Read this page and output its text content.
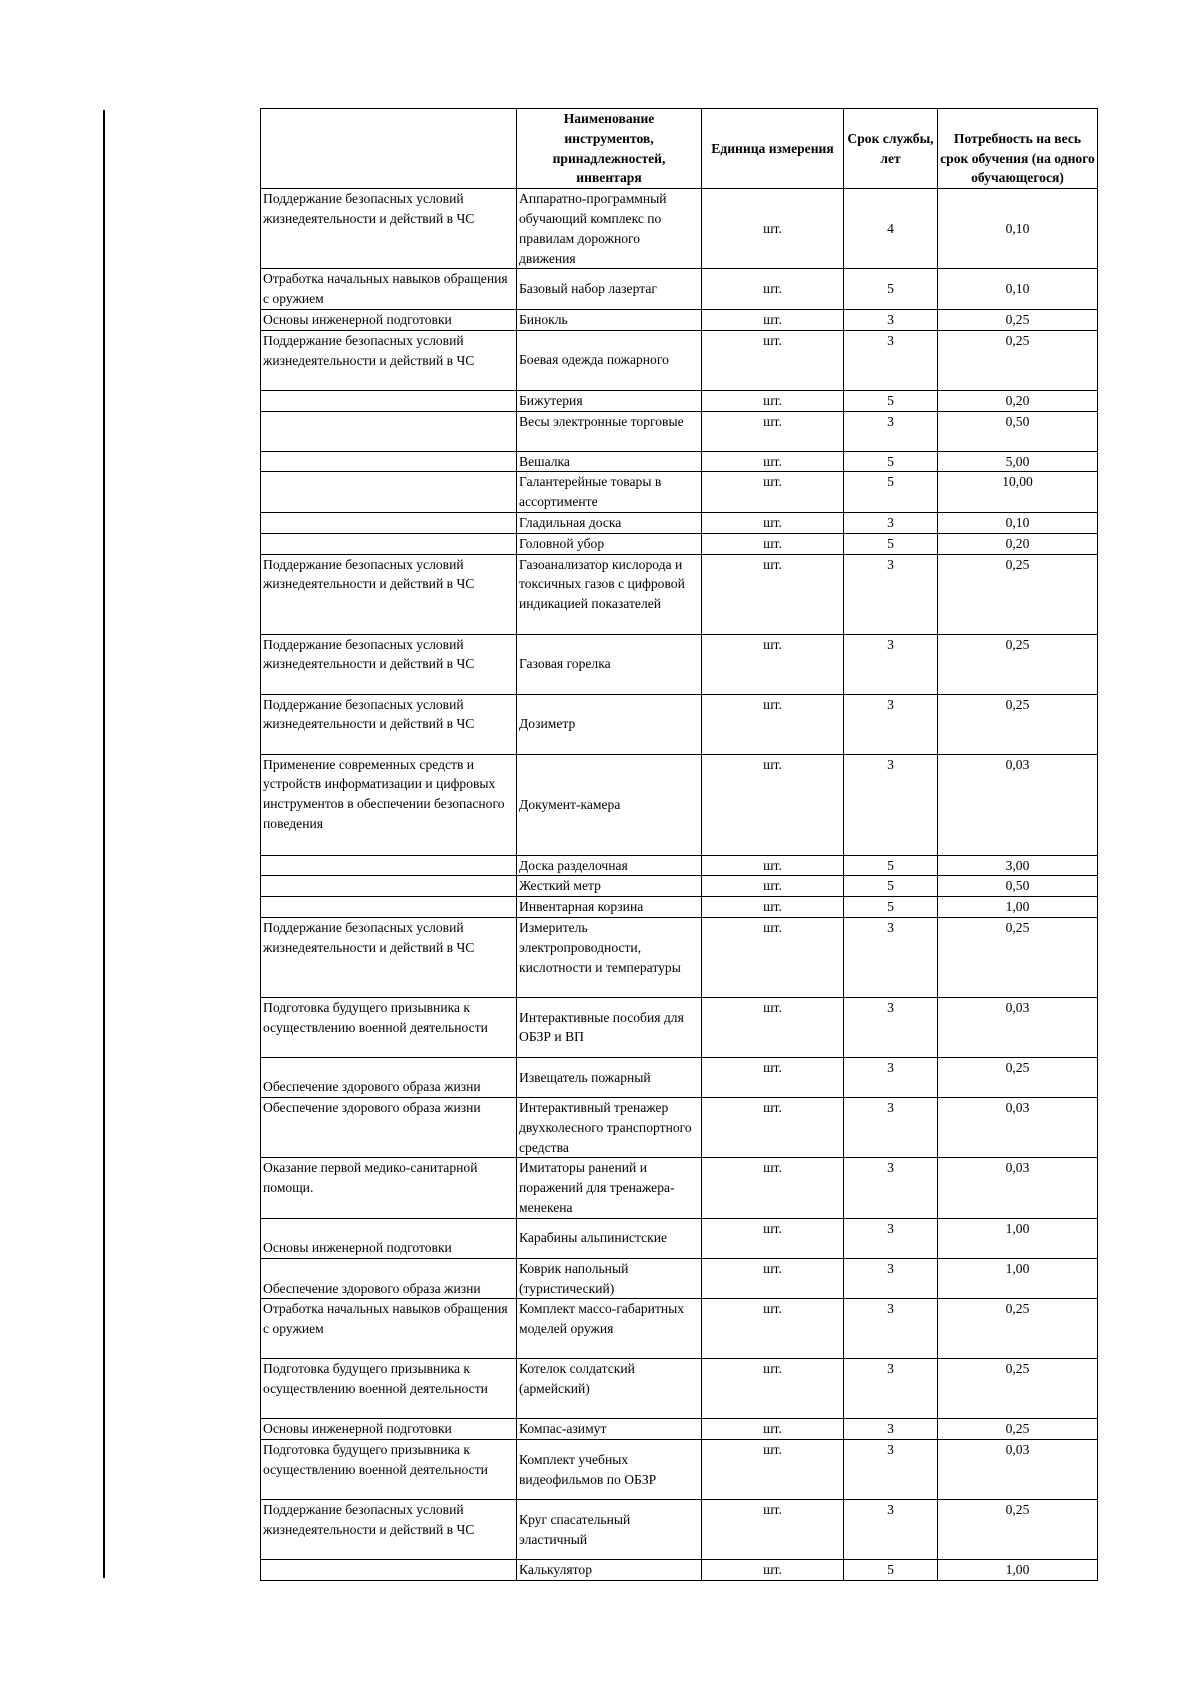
	Наименование инструментов, принадлежностей, инвентаря	Единица измерения	Срок службы, лет	Потребность на весь срок обучения (на одного обучающегося)
Поддержание безопасных условий жизнедеятельности и действий в ЧС	Аппаратно-программный обучающий комплекс по правилам дорожного движения	шт.	4	0,10
Отработка начальных навыков обращения с оружием	Базовый набор лазертаг	шт.	5	0,10
Основы инженерной подготовки	Бинокль	шт.	3	0,25
Поддержание безопасных условий жизнедеятельности и действий в ЧС	Боевая одежда пожарного	шт.	3	0,25
	Бижутерия	шт.	5	0,20
	Весы электронные торговые	шт.	3	0,50
	Вешалка	шт.	5	5,00
	Галантерейные товары в ассортименте	шт.	5	10,00
	Гладильная доска	шт.	3	0,10
	Головной убор	шт.	5	0,20
Поддержание безопасных условий жизнедеятельности и действий в ЧС	Газоанализатор кислорода и токсичных газов с цифровой индикацией показателей	шт.	3	0,25
Поддержание безопасных условий жизнедеятельности и действий в ЧС	Газовая горелка	шт.	3	0,25
Поддержание безопасных условий жизнедеятельности и действий в ЧС	Дозиметр	шт.	3	0,25
Применение современных средств и устройств информатизации и цифровых инструментов в обеспечении безопасного поведения	Документ-камера	шт.	3	0,03
	Доска разделочная	шт.	5	3,00
	Жесткий метр	шт.	5	0,50
	Инвентарная корзина	шт.	5	1,00
Поддержание безопасных условий жизнедеятельности и действий в ЧС	Измеритель электропроводности, кислотности и температуры	шт.	3	0,25
Подготовка будущего призывника к осуществлению военной деятельности	Интерактивные пособия для ОБЗР и ВП	шт.	3	0,03
Обеспечение здорового образа жизни	Извещатель пожарный	шт.	3	0,25
Обеспечение здорового образа жизни	Интерактивный тренажер двухколесного транспортного средства	шт.	3	0,03
Оказание первой медико-санитарной помощи.	Имитаторы ранений и поражений для тренажера-менекена	шт.	3	0,03
Основы инженерной подготовки	Карабины альпинистские	шт.	3	1,00
Обеспечение здорового образа жизни	Коврик напольный (туристический)	шт.	3	1,00
Отработка начальных навыков обращения с оружием	Комплект массо-габаритных моделей оружия	шт.	3	0,25
Подготовка будущего призывника к осуществлению военной деятельности	Котелок солдатский (армейский)	шт.	3	0,25
Основы инженерной подготовки	Компас-азимут	шт.	3	0,25
Подготовка будущего призывника к осуществлению военной деятельности	Комплект учебных видеофильмов по ОБЗР	шт.	3	0,03
Поддержание безопасных условий жизнедеятельности и действий в ЧС	Круг спасательный эластичный	шт.	3	0,25
	Калькулятор	шт.	5	1,00
